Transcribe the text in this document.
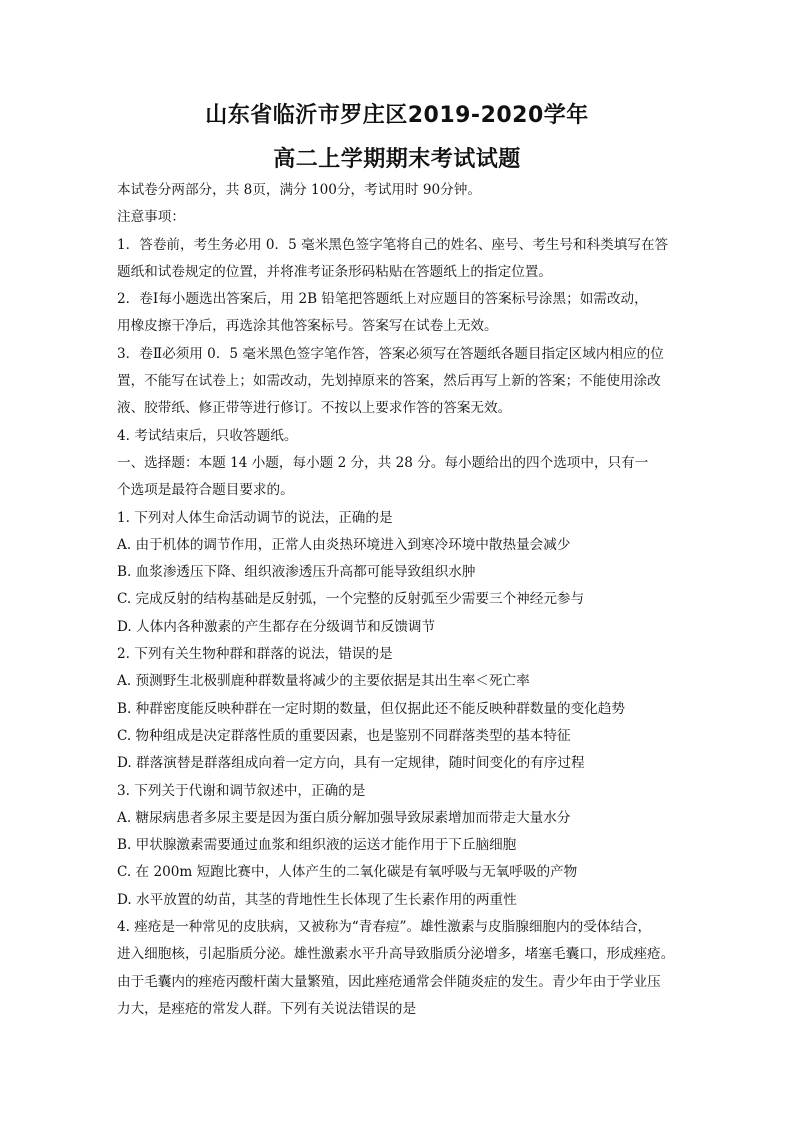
山东省临沂市罗庄区2019-2020学年
高二上学期期末考试试题

本试卷分两部分，共 8页，满分 100分，考试用时 90分钟。

注意事项：

1．答卷前，考生务必用 0．5 毫米黑色签字笔将自己的姓名、座号、考生号和科类填写在答

题纸和试卷规定的位置，并将准考证条形码粘贴在答题纸上的指定位置。

2．卷Ⅰ每小题选出答案后，用 2B 铅笔把答题纸上对应题目的答案标号涂黑；如需改动，

用橡皮擦干净后，再选涂其他答案标号。答案写在试卷上无效。

3．卷Ⅱ必须用 0．5 毫米黑色签字笔作答，答案必须写在答题纸各题目指定区域内相应的位

置，不能写在试卷上；如需改动，先划掉原来的答案，然后再写上新的答案；不能使用涂改

液、胶带纸、修正带等进行修订。不按以上要求作答的答案无效。

4. 考试结束后，只收答题纸。

一、选择题：本题 14 小题，每小题 2 分，共 28 分。每小题给出的四个选项中，只有一

个选项是最符合题目要求的。

1. 下列对人体生命活动调节的说法，正确的是

A. 由于机体的调节作用，正常人由炎热环境进入到寒冷环境中散热量会减少

B. 血浆渗透压下降、组织液渗透压升高都可能导致组织水肿

C. 完成反射的结构基础是反射弧，一个完整的反射弧至少需要三个神经元参与

D. 人体内各种激素的产生都存在分级调节和反馈调节

2. 下列有关生物种群和群落的说法，错误的是

A. 预测野生北极驯鹿种群数量将减少的主要依据是其出生率＜死亡率

B. 种群密度能反映种群在一定时期的数量，但仅据此还不能反映种群数量的变化趋势

C. 物种组成是决定群落性质的重要因素，也是鉴别不同群落类型的基本特征

D. 群落演替是群落组成向着一定方向，具有一定规律，随时间变化的有序过程

3. 下列关于代谢和调节叙述中，正确的是

A. 糖尿病患者多尿主要是因为蛋白质分解加强导致尿素增加而带走大量水分

B. 甲状腺激素需要通过血浆和组织液的运送才能作用于下丘脑细胞

C. 在 200m 短跑比赛中，人体产生的二氧化碳是有氧呼吸与无氧呼吸的产物

D. 水平放置的幼苗，其茎的背地性生长体现了生长素作用的两重性

4. 痤疮是一种常见的皮肤病，又被称为“青春痘”。雄性激素与皮脂腺细胞内的受体结合，

进入细胞核，引起脂质分泌。雄性激素水平升高导致脂质分泌增多，堵塞毛囊口，形成痤疮。

由于毛囊内的痤疮丙酸杆菌大量繁殖，因此痤疮通常会伴随炎症的发生。青少年由于学业压

力大，是痤疮的常发人群。下列有关说法错误的是
